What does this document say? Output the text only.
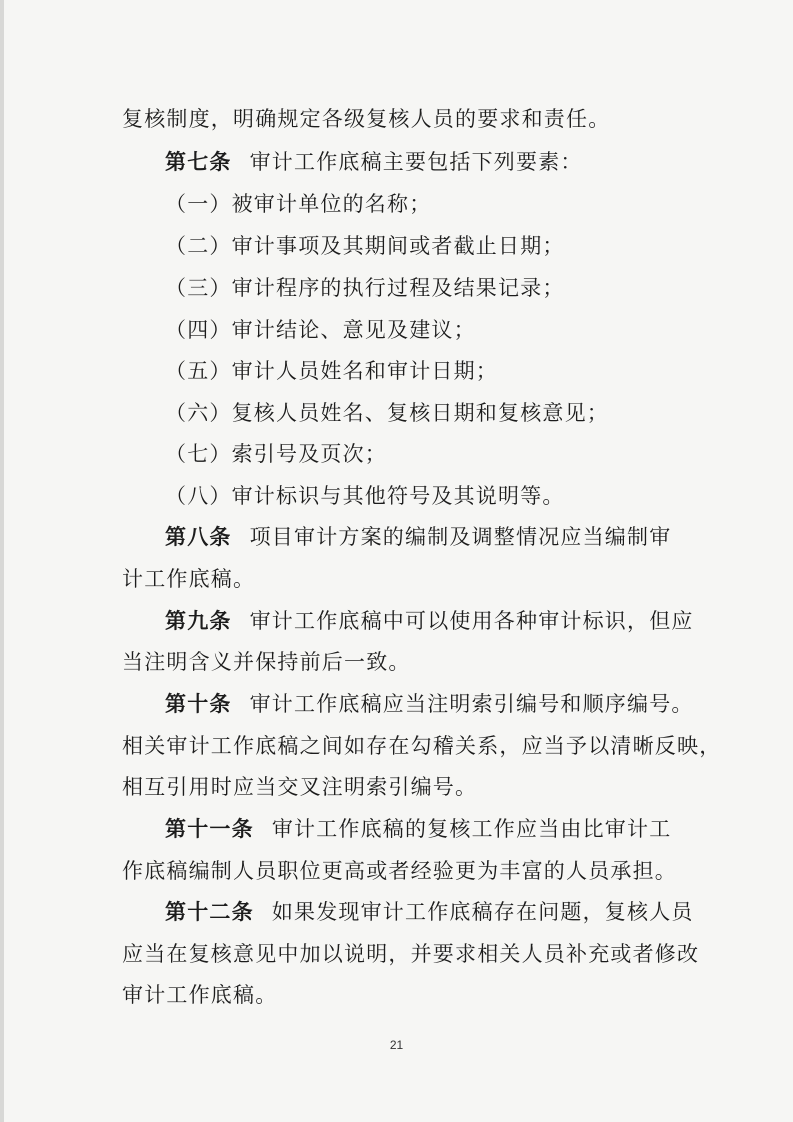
复核制度，明确规定各级复核人员的要求和责任。
第七条 审计工作底稿主要包括下列要素：
（一）被审计单位的名称；
（二）审计事项及其期间或者截止日期；
（三）审计程序的执行过程及结果记录；
（四）审计结论、意见及建议；
（五）审计人员姓名和审计日期；
（六）复核人员姓名、复核日期和复核意见；
（七）索引号及页次；
（八）审计标识与其他符号及其说明等。
第八条 项目审计方案的编制及调整情况应当编制审
计工作底稿。
第九条 审计工作底稿中可以使用各种审计标识，但应
当注明含义并保持前后一致。
第十条 审计工作底稿应当注明索引编号和顺序编号。
相关审计工作底稿之间如存在勾稽关系，应当予以清晰反映，
相互引用时应当交叉注明索引编号。
第十一条 审计工作底稿的复核工作应当由比审计工
作底稿编制人员职位更高或者经验更为丰富的人员承担。
第十二条 如果发现审计工作底稿存在问题，复核人员
应当在复核意见中加以说明，并要求相关人员补充或者修改
审计工作底稿。
21
